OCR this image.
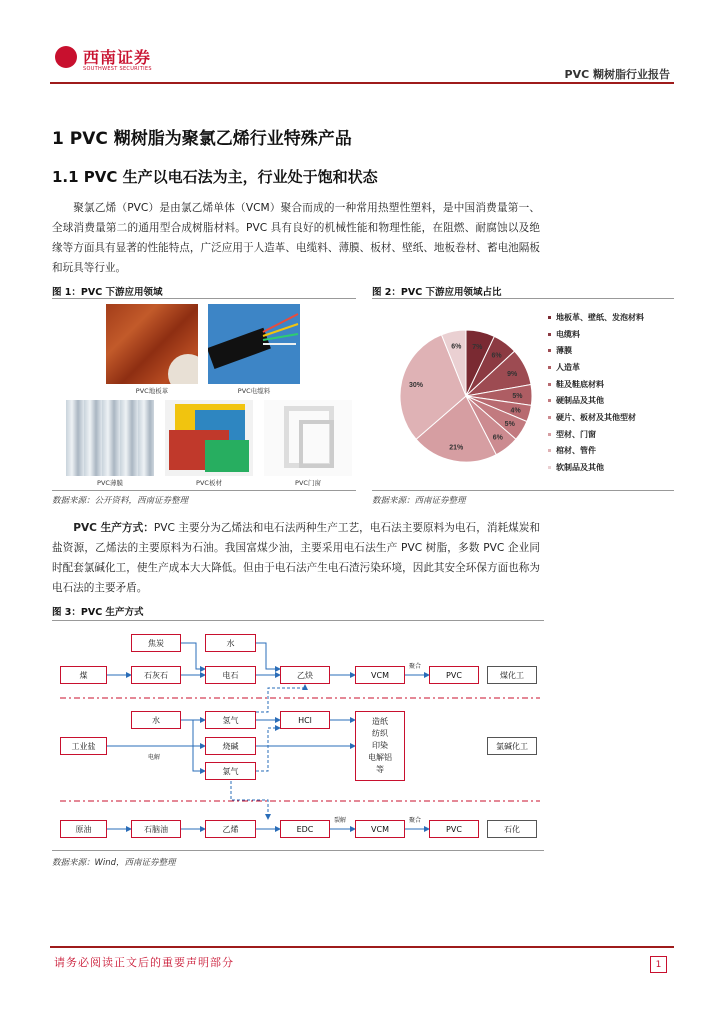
西南证券
SOUTHWEST SECURITIES	PVC 糊树脂行业报告
1 PVC 糊树脂为聚氯乙烯行业特殊产品
1.1 PVC 生产以电石法为主，行业处于饱和状态
聚氯乙烯（PVC）是由氯乙烯单体（VCM）聚合而成的一种常用热塑性塑料，是中国消费量第一、全球消费量第二的通用型合成树脂材料。PVC 具有良好的机械性能和物理性能，在阻燃、耐腐蚀以及绝缘等方面具有显著的性能特点，广泛应用于人造革、电缆料、薄膜、板材、壁纸、地板卷材、蓄电池隔板和玩具等行业。
图 1：PVC 下游应用领域	图 2：PVC 下游应用领域占比
PVC地板革	PVC电缆料
PVC薄膜	PVC板材	PVC门窗
7%
6%
9%
5%
4%
5%
6%
21%
30%
6%
地板革、壁纸、发泡材料
电缆料
薄膜
人造革
鞋及鞋底材料
硬制品及其他
硬片、板材及其他型材
型材、门窗
棺材、管件
软制品及其他
数据来源：公开资料，西南证券整理	数据来源：西南证券整理
PVC 生产方式：PVC 主要分为乙烯法和电石法两种生产工艺，电石法主要原料为电石，消耗煤炭和盐资源，乙烯法的主要原料为石油。我国富煤少油，主要采用电石法生产 PVC 树脂，多数 PVC 企业同时配套氯碱化工，使生产成本大大降低。但由于电石法产生电石渣污染环境，因此其安全环保方面也称为电石法的主要矛盾。
图 3：PVC 生产方式
焦炭	水
煤	石灰石	电石	乙炔	VCM	PVC	煤化工
聚合
水	氢气	HCl
工业盐	烧碱
氯气
造纸
纺织
印染
电解铝
等
氯碱化工
电解
原油	石脑油	乙烯	EDC	VCM	PVC	石化
裂解	聚合
数据来源：Wind，西南证券整理
请务必阅读正文后的重要声明部分	1
